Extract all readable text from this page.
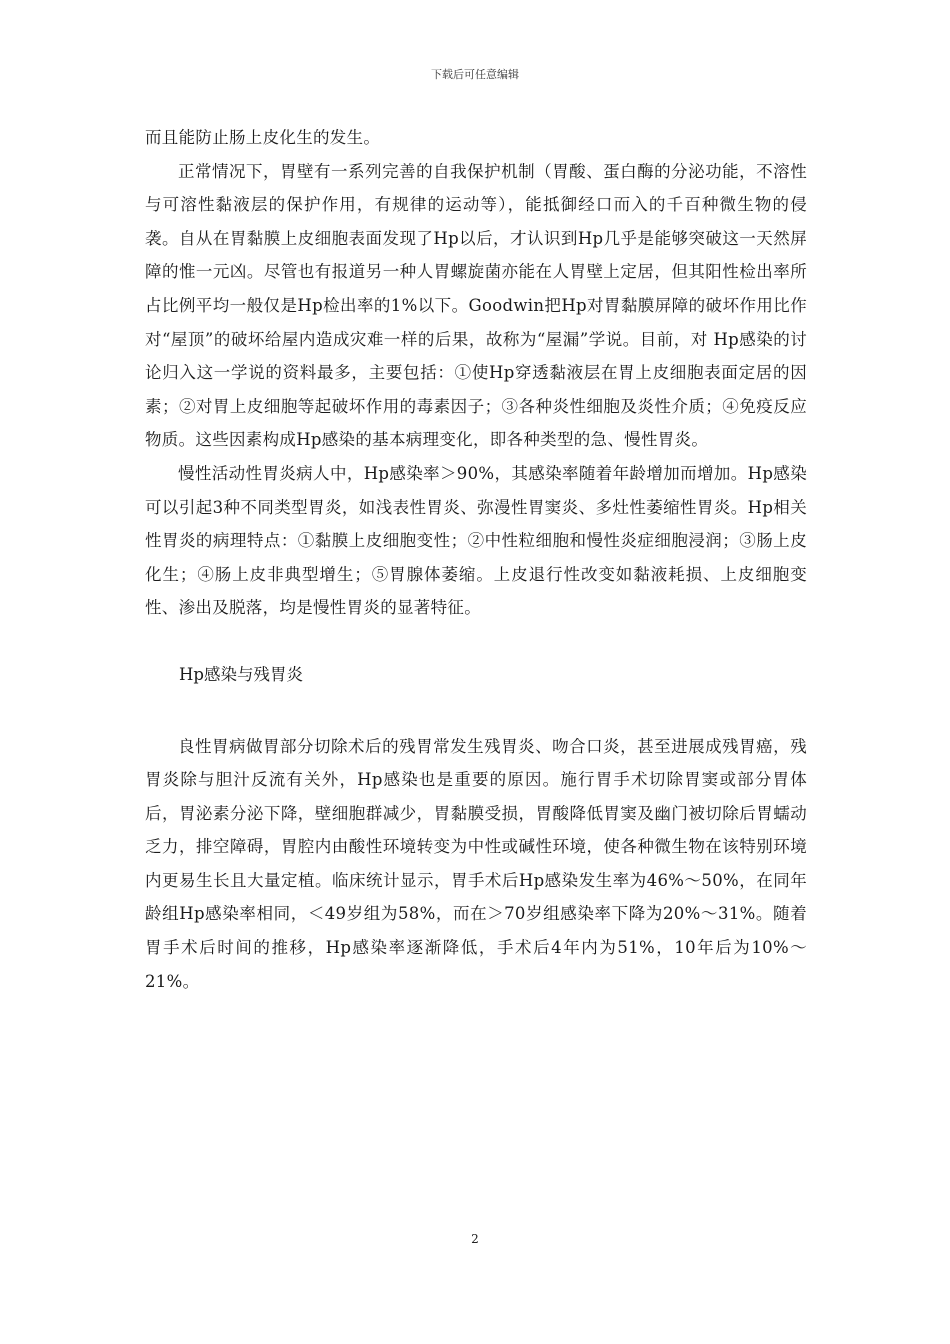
下载后可任意编辑

而且能防止肠上皮化生的发生。

正常情况下，胃壁有一系列完善的自我保护机制（胃酸、蛋白酶的分泌功能，不溶性与可溶性黏液层的保护作用，有规律的运动等），能抵御经口而入的千百种微生物的侵袭。自从在胃黏膜上皮细胞表面发现了Hp以后，才认识到Hp几乎是能够突破这一天然屏障的惟一元凶。尽管也有报道另一种人胃螺旋菌亦能在人胃壁上定居，但其阳性检出率所占比例平均一般仅是Hp检出率的1%以下。Goodwin把Hp对胃黏膜屏障的破坏作用比作对“屋顶”的破坏给屋内造成灾难一样的后果，故称为“屋漏”学说。目前，对 Hp感染的讨论归入这一学说的资料最多，主要包括：①使Hp穿透黏液层在胃上皮细胞表面定居的因素；②对胃上皮细胞等起破坏作用的毒素因子；③各种炎性细胞及炎性介质；④免疫反应物质。这些因素构成Hp感染的基本病理变化，即各种类型的急、慢性胃炎。

慢性活动性胃炎病人中，Hp感染率＞90%，其感染率随着年龄增加而增加。Hp感染可以引起3种不同类型胃炎，如浅表性胃炎、弥漫性胃窦炎、多灶性萎缩性胃炎。Hp相关性胃炎的病理特点：①黏膜上皮细胞变性；②中性粒细胞和慢性炎症细胞浸润；③肠上皮化生；④肠上皮非典型增生；⑤胃腺体萎缩。上皮退行性改变如黏液耗损、上皮细胞变性、渗出及脱落，均是慢性胃炎的显著特征。

Hp感染与残胃炎

良性胃病做胃部分切除术后的残胃常发生残胃炎、吻合口炎，甚至进展成残胃癌，残胃炎除与胆汁反流有关外，Hp感染也是重要的原因。施行胃手术切除胃窦或部分胃体后，胃泌素分泌下降，壁细胞群减少，胃黏膜受损，胃酸降低胃窦及幽门被切除后胃蠕动乏力，排空障碍，胃腔内由酸性环境转变为中性或碱性环境，使各种微生物在该特别环境内更易生长且大量定植。临床统计显示，胃手术后Hp感染发生率为46%～50%，在同年龄组Hp感染率相同，＜49岁组为58%，而在＞70岁组感染率下降为20%～31%。随着胃手术后时间的推移，Hp感染率逐渐降低，手术后4年内为51%，10年后为10%～21%。

2
